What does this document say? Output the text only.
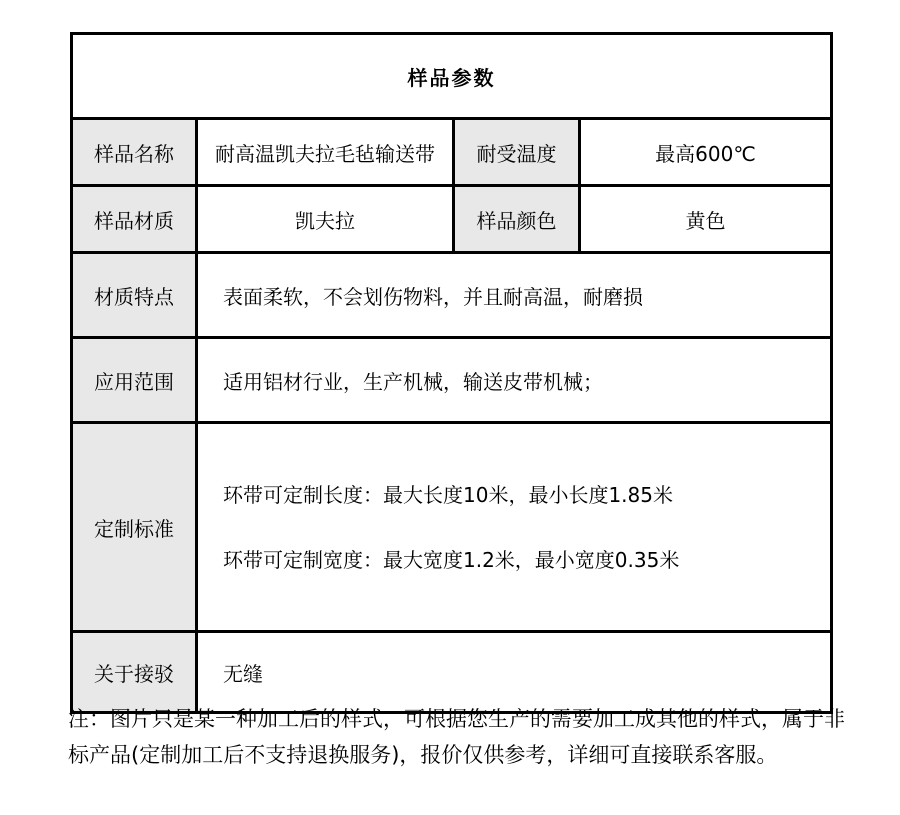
样品参数			
样品名称	耐高温凯夫拉毛毡输送带	耐受温度	最高600℃
样品材质	凯夫拉	样品颜色	黄色
材质特点	表面柔软，不会划伤物料，并且耐高温，耐磨损		
应用范围	适用铝材行业，生产机械，输送皮带机械；		
定制标准	环带可定制长度：最大长度10米，最小长度1.85米
环带可定制宽度：最大宽度1.2米，最小宽度0.35米		

关于接驳	无缝		
注：图片只是某一种加工后的样式，可根据您生产的需要加工成其他的样式，属于非
标产品(定制加工后不支持退换服务)，报价仅供参考，详细可直接联系客服。
